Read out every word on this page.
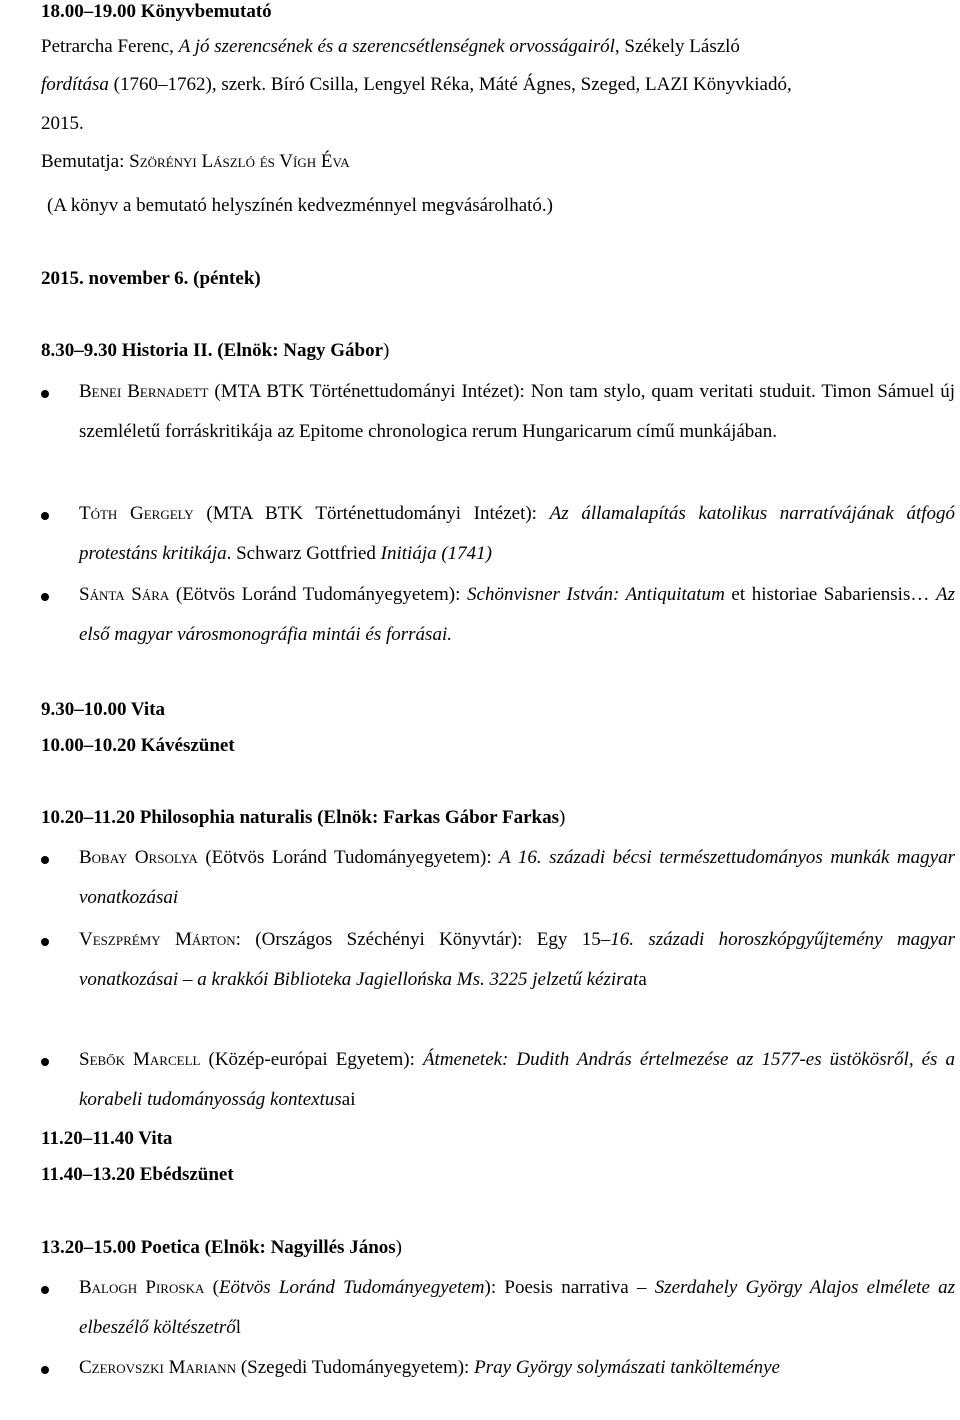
18.00–19.00 Könyvbemutató
Petrarcha Ferenc, A jó szerencsének és a szerencsétlenségnek orvosságairól, Székely László
fordítása (1760–1762), szerk. Bíró Csilla, Lengyel Réka, Máté Ágnes, Szeged, LAZI Könyvkiadó,
2015.
Bemutatja: Szörényi László és Vígh Éva
(A könyv a bemutató helyszínén kedvezménnyel megvásárolható.)
2015. november 6. (péntek)
8.30–9.30 Historia II. (Elnök: Nagy Gábor)
Benei Bernadett (MTA BTK Történettudományi Intézet): Non tam stylo, quam veritati studuit. Timon Sámuel új szemléletű forráskritikája az Epitome chronologica rerum Hungaricarum című munkájában.
Tóth Gergely (MTA BTK Történettudományi Intézet): Az államalapítás katolikus narratívájának átfogó protestáns kritikája. Schwarz Gottfried Initiája (1741)
Sánta Sára (Eötvös Loránd Tudományegyetem): Schönvisner István: Antiquitatum et historiae Sabariensis… Az első magyar városmonográfia mintái és forrásai.
9.30–10.00 Vita
10.00–10.20 Kávészünet
10.20–11.20 Philosophia naturalis (Elnök: Farkas Gábor Farkas)
Bobay Orsolya (Eötvös Loránd Tudományegyetem): A 16. századi bécsi természettudományos munkák magyar vonatkozásai
Veszprémy Márton: (Országos Széchényi Könyvtár): Egy 15–16. századi horoszkópgyűjtemény magyar vonatkozásai – a krakkói Biblioteka Jagiellońska Ms. 3225 jelzetű kézirata
Sebők Marcell (Közép-európai Egyetem): Átmenetek: Dudith András értelmezése az 1577-es üstökösről, és a korabeli tudományosság kontextusai
11.20–11.40 Vita
11.40–13.20 Ebédszünet
13.20–15.00 Poetica (Elnök: Nagyillés János)
Balogh Piroska (Eötvös Loránd Tudományegyetem): Poesis narrativa – Szerdahely György Alajos elmélete az elbeszélő költészetről
Czerovszki Mariann (Szegedi Tudományegyetem): Pray György solymászati tankölteménye
